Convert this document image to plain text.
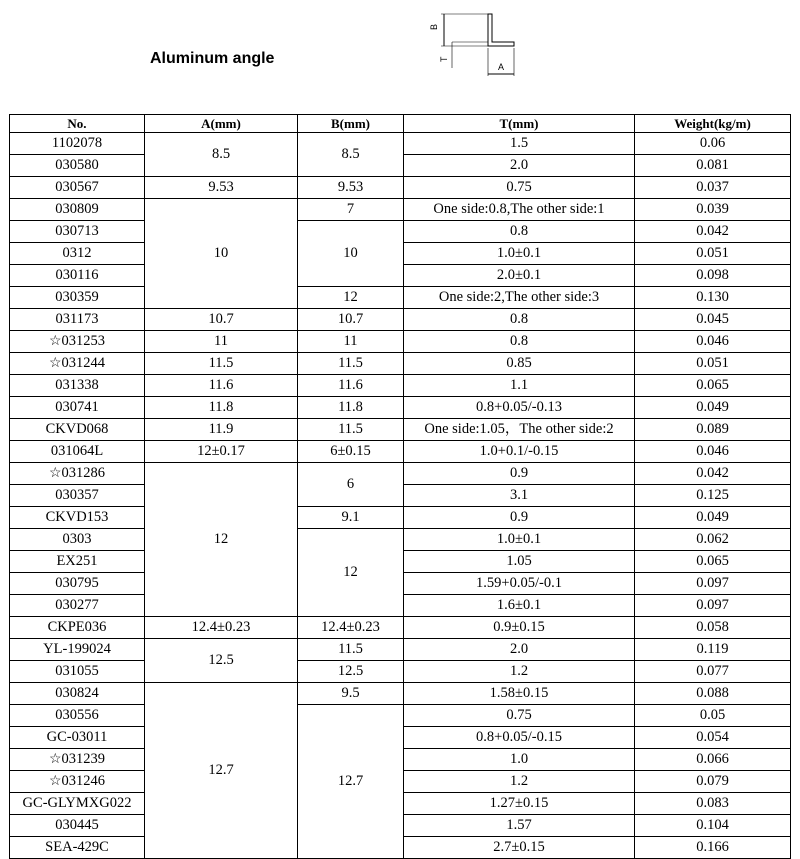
Aluminum angle
B
T
A
No.	A(mm)	B(mm)	T(mm)	Weight(kg/m)
1102078	8.5	8.5	1.5	0.06
030580			2.0	0.081
030567	9.53	9.53	0.75	0.037
030809	10	7	One side:0.8,The other side:1	0.039
030713		10	0.8	0.042
0312			1.0±0.1	0.051
030116			2.0±0.1	0.098
030359		12	One side:2,The other side:3	0.130
031173	10.7	10.7	0.8	0.045
☆031253	11	11	0.8	0.046
☆031244	11.5	11.5	0.85	0.051
031338	11.6	11.6	1.1	0.065
030741	11.8	11.8	0.8+0.05/-0.13	0.049
CKVD068	11.9	11.5	One side:1.05，The other side:2	0.089
031064L	12±0.17	6±0.15	1.0+0.1/-0.15	0.046
☆031286	12	6	0.9	0.042
030357			3.1	0.125
CKVD153		9.1	0.9	0.049
0303		12	1.0±0.1	0.062
EX251			1.05	0.065
030795			1.59+0.05/-0.1	0.097
030277			1.6±0.1	0.097
CKPE036	12.4±0.23	12.4±0.23	0.9±0.15	0.058
YL-199024	12.5	11.5	2.0	0.119
031055		12.5	1.2	0.077
030824	12.7	9.5	1.58±0.15	0.088
030556		12.7	0.75	0.05
GC-03011			0.8+0.05/-0.15	0.054
☆031239			1.0	0.066
☆031246			1.2	0.079
GC-GLYMXG022			1.27±0.15	0.083
030445			1.57	0.104
SEA-429C			2.7±0.15	0.166
